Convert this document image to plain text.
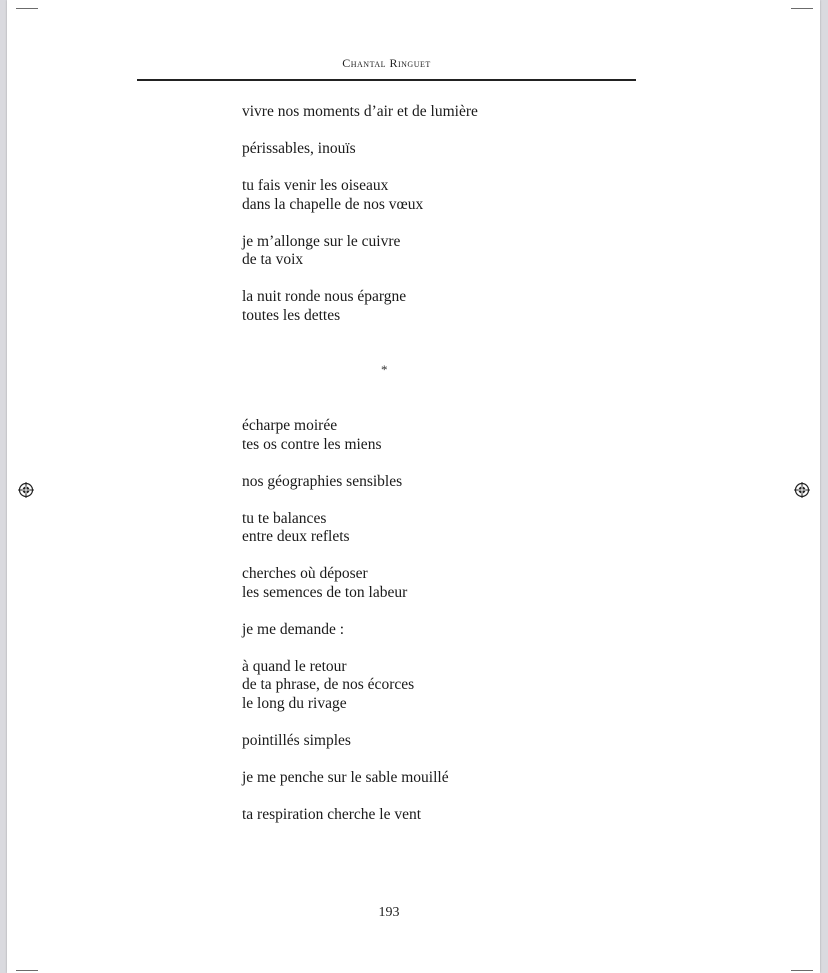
Chantal Ringuet
vivre nos moments d’air et de lumière
périssables, inouïs
tu fais venir les oiseaux
dans la chapelle de nos vœux
je m’allonge sur le cuivre
de ta voix
la nuit ronde nous épargne
toutes les dettes
*
écharpe moirée
tes os contre les miens
nos géographies sensibles
tu te balances
entre deux reflets
cherches où déposer
les semences de ton labeur
je me demande :
à quand le retour
de ta phrase, de nos écorces
le long du rivage
pointillés simples
je me penche sur le sable mouillé
ta respiration cherche le vent
193
